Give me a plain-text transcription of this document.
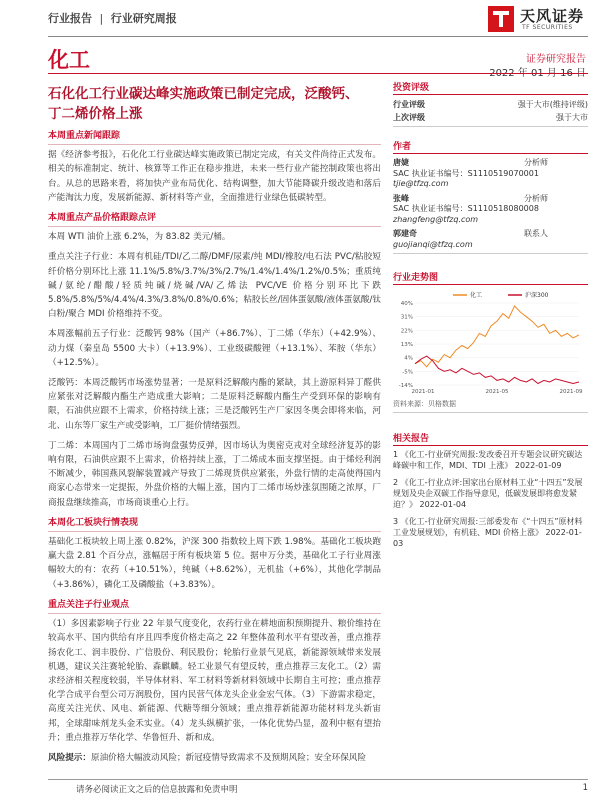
行业报告 | 行业研究周报	天风证券
TF SECURITIES
化工	证券研究报告
石化化工行业碳达峰实施政策已制定完成，泛酸钙、
丁二烯价格上涨
本周重点新闻跟踪

据《经济参考报》，石化化工行业碳达峰实施政策已制定完成，有关文件尚待正式发布。相关的标准制定、统计、核算等工作正在稳步推进，未来一些行业产能控制政策也将出台。从总的思路来看，将加快产业布局优化、结构调整，加大节能降碳升级改造和落后产能淘汰力度，发展新能源、新材料等产业，全面推进行业绿色低碳转型。

本周重点产品价格跟踪点评

本周 WTI 油价上涨 6.2%，为 83.82 美元/桶。

重点关注子行业：本周有机硅/TDI/乙二醇/DMF/尿素/纯 MDI/橡胶/电石法 PVC/粘胶短纤价格分别环比上涨 11.1%/5.8%/3.7%/3%/2.7%/1.4%/1.4%/1.2%/0.5%；重质纯碱/氨纶/醋酸/轻质纯碱/烧碱/VA/乙烯法 PVC/VE 价格分别环比下跌 5.8%/5.8%/5%/4.4%/4.3%/3.8%/0.8%/0.6%；粘胶长丝/固体蛋氨酸/液体蛋氨酸/钛白粉/聚合 MDI 价格维持不变。

本周涨幅前五子行业：泛酸钙 98%（国产（+86.7%）、丁二烯（华东）（+42.9%）、动力煤（秦皇岛 5500 大卡）（+13.9%）、工业级碳酸锂（+13.1%）、苯胺（华东）（+12.5%）。

泛酸钙：本周泛酸钙市场涨势显著；一是原料泛解酸内酯的紧缺，其上游原料异丁醛供应紧张对泛解酸内酯生产造成重大影响；二是原料泛解酸内酯生产受到环保的影响有限，石油供应跟不上需求，价格持续上涨；三是泛酸钙生产厂家因冬奥会即将来临，河北、山东等厂家生产或受影响，工厂挺价情绪强烈。

丁二烯：本周国内丁二烯市场询盘强势反弹，因市场认为奥密克戎对全球经济复苏的影响有限，石油供应跟不上需求，价格持续上涨，丁二烯成本面支撑坚挺。由于烯烃利润不断减少，韩国燕风裂解装置减产导致丁二烯现货供应紧张，外盘行情的走高使得国内商家心态带来一定提振，外盘价格的大幅上涨，国内丁二烯市场炒涨氛围随之浓厚，厂商报盘继续推高，市场商谈重心上行。

本周化工板块行情表现

基础化工板块较上周上涨 0.82%，沪深 300 指数较上周下跌 1.98%。基础化工板块跑赢大盘 2.81 个百分点，涨幅居于所有板块第 5 位。据申万分类，基础化工子行业周涨幅较大的有：农药（+10.51%），纯碱（+8.62%），无机盐（+6%），其他化学制品（+3.86%），磷化工及磷酸盐（+3.83%）。

重点关注子行业观点

（1）多因素影响子行业 22 年景气度变化，农药行业在耕地面积预期提升、粮价维持在较高水平、国内供给有序且四季度价格走高之 22 年整体盈利水平有望改善，重点推荐扬农化工、润丰股份、广信股份、利民股份；轮胎行业景气见底，新能源领域带来发展机遇，建议关注赛轮轮胎、森麒麟。轻工业景气有望反转，重点推荐三友化工。（2）需求经济相关程度较弱，半导体材料、军工材料等新材料领域中长期自主可控；重点推荐化学合成平台型公司万润股份，国内民营气体龙头企业金宏气体。（3）下游需求稳定，高度关注光伏、风电、新能源、代糖等细分领域；重点推荐新能源功能材料龙头新宙邦，全球甜味剂龙头金禾实业。（4）龙头纵横扩张，一体化优势凸显，盈利中枢有望抬升；重点推荐万华化学、华鲁恒升、新和成。

风险提示：原油价格大幅波动风险；新冠疫情导致需求不及预期风险；安全环保风险

投资评级
行业评级	强于大市(维持评级)
上次评级	强于大市
作者
唐婕	分析师
SAC 执业证书编号：S1110519070001
tjie@tfzq.com
张峰	分析师
SAC 执业证书编号：S1110518080008
zhangfeng@tfzq.com
郭建奇	联系人
guojianqi@tfzq.com
行业走势图
40%
31%
22%
13%
4%
-5%
-14%
2021-01	2021-05	2021-09
化工	沪深300
资料来源：贝格数据
相关报告
1 《化工-行业研究周报:发改委召开专题会议研究碳达峰碳中和工作，MDI、TDI 上涨》 2022-01-09
2 《化工-行业点评:国家出台原材料工业“十四五”发展规划及央企双碳工作指导意见，低碳发展即将愈发紧迫？》 2022-01-04
3 《化工-行业研究周报:三部委发布《“十四五”原材料工业发展规划》，有机硅、MDI 价格上涨》 2022-01-03
请务必阅读正文之后的信息披露和免责申明	1
